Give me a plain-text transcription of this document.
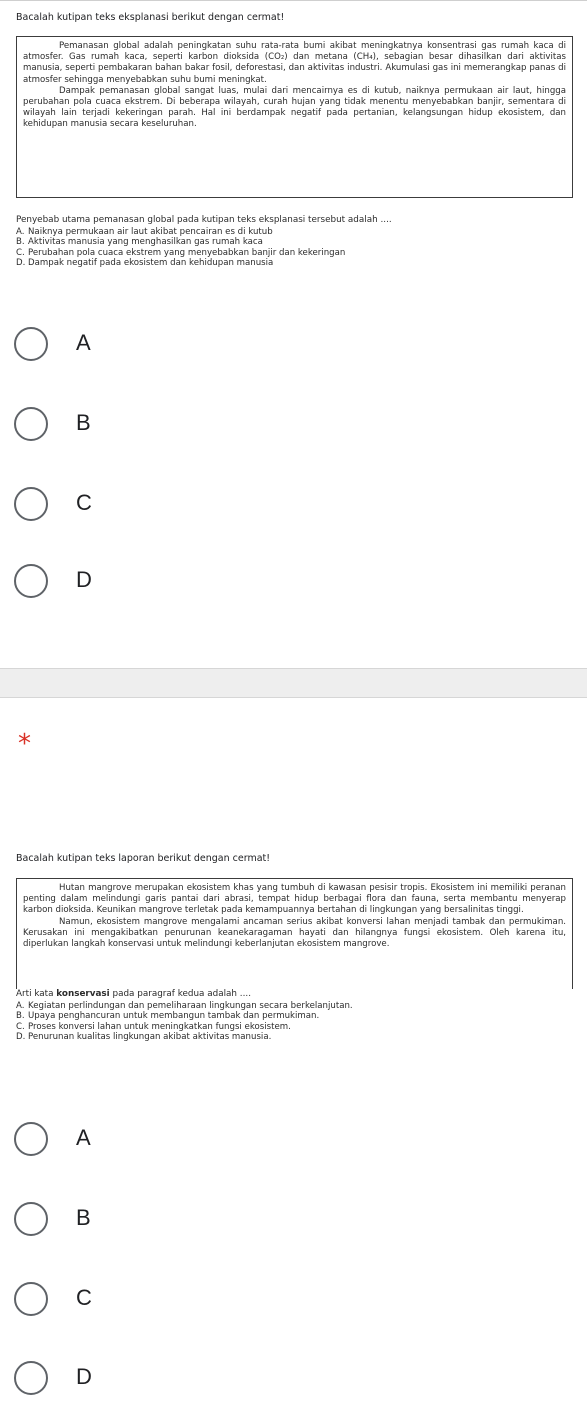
Bacalah kutipan teks eksplanasi berikut dengan cermat!

Pemanasan global adalah peningkatan suhu rata-rata bumi akibat meningkatnya konsentrasi gas rumah kaca di atmosfer. Gas rumah kaca, seperti karbon dioksida (CO₂) dan metana (CH₄), sebagian besar dihasilkan dari aktivitas manusia, seperti pembakaran bahan bakar fosil, deforestasi, dan aktivitas industri. Akumulasi gas ini memerangkap panas di atmosfer sehingga menyebabkan suhu bumi meningkat.

Dampak pemanasan global sangat luas, mulai dari mencairnya es di kutub, naiknya permukaan air laut, hingga perubahan pola cuaca ekstrem. Di beberapa wilayah, curah hujan yang tidak menentu menyebabkan banjir, sementara di wilayah lain terjadi kekeringan parah. Hal ini berdampak negatif pada pertanian, kelangsungan hidup ekosistem, dan kehidupan manusia secara keseluruhan.

Penyebab utama pemanasan global pada kutipan teks eksplanasi tersebut adalah ....
A. Naiknya permukaan air laut akibat pencairan es di kutub
B. Aktivitas manusia yang menghasilkan gas rumah kaca
C. Perubahan pola cuaca ekstrem yang menyebabkan banjir dan kekeringan
D. Dampak negatif pada ekosistem dan kehidupan manusia
A
B
C
D
*
Bacalah kutipan teks laporan berikut dengan cermat!

Hutan mangrove merupakan ekosistem khas yang tumbuh di kawasan pesisir tropis. Ekosistem ini memiliki peranan penting dalam melindungi garis pantai dari abrasi, tempat hidup berbagai flora dan fauna, serta membantu menyerap karbon dioksida. Keunikan mangrove terletak pada kemampuannya bertahan di lingkungan yang bersalinitas tinggi.

Namun, ekosistem mangrove mengalami ancaman serius akibat konversi lahan menjadi tambak dan permukiman. Kerusakan ini mengakibatkan penurunan keanekaragaman hayati dan hilangnya fungsi ekosistem. Oleh karena itu, diperlukan langkah konservasi untuk melindungi keberlanjutan ekosistem mangrove.

Arti kata konservasi pada paragraf kedua adalah ....
A. Kegiatan perlindungan dan pemeliharaan lingkungan secara berkelanjutan.
B. Upaya penghancuran untuk membangun tambak dan permukiman.
C. Proses konversi lahan untuk meningkatkan fungsi ekosistem.
D. Penurunan kualitas lingkungan akibat aktivitas manusia.
A
B
C
D
